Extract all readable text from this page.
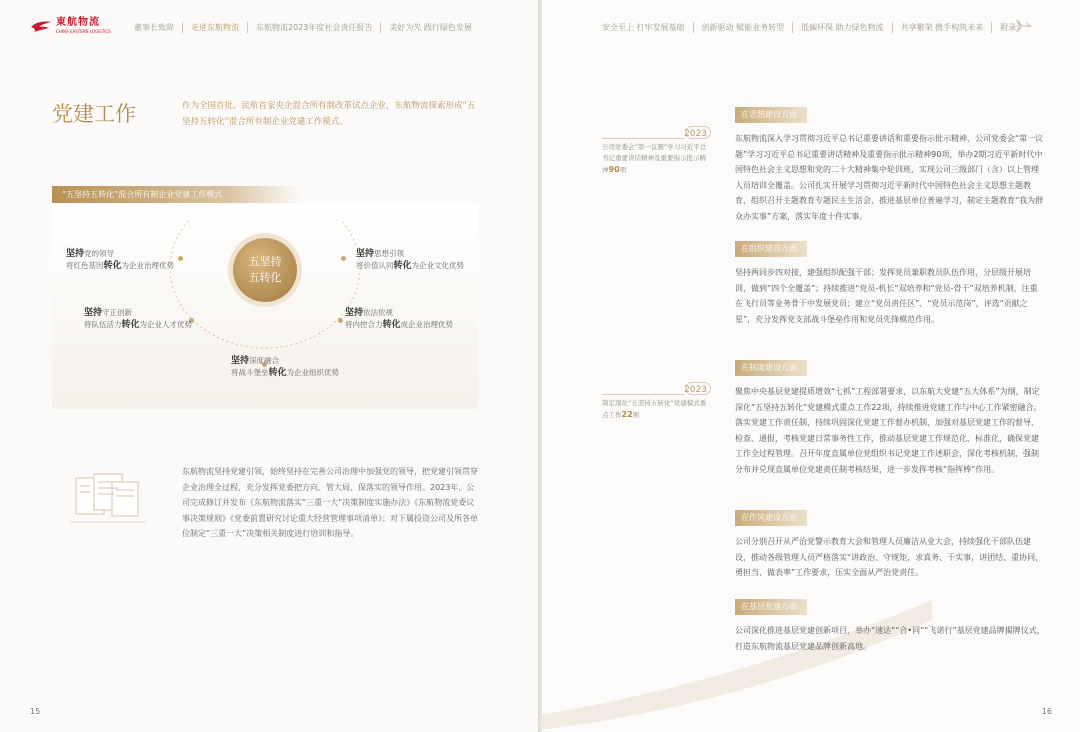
東航物流
CHINA EASTERN LOGISTICS	董事长致辞 走进东航物流 东航物流2023年度社会责任报告 美好为先 践行绿色发展
党建工作	作为全国首批、民航首家央企混合所有制改革试点企业，东航物流探索形成“五坚持五转化”混合所有制企业党建工作模式。
“五坚持五转化”混合所有制企业党建工作模式
五坚持
五转化
坚持党的领导
将红色基因转化为企业治理优势
坚持思想引领
将价值认同转化为企业文化优势
坚持守正创新
将队伍活力转化为企业人才优势
坚持依法依规
将内控合力转化成企业治理优势
坚持深度融合
将战斗堡垒转化为企业组织优势
东航物流坚持党建引领，始终坚持在完善公司治理中加强党的领导，把党建引领贯穿企业治理全过程，充分发挥党委把方向、管大局、保落实的领导作用。2023年，公司完成修订并发布《东航物流落实“三重一大”决策制度实施办法》《东航物流党委议事决策规则》《党委前置研究讨论重大经营管理事项清单》；对下属投资公司及所各单位制定“三重一大”决策相关制度进行培训和指导。
15
安全至上 打牢发展基础 创新驱动 赋能业务转型 低碳环保 助力绿色物流 共享繁荣 携手构筑未来 附录
2023
公司党委会“第一议题”学习习近平总书记重要讲话精神及重要指示批示精神90项
2023
制定深化“五坚持五转化”党建模式重点工作22项
在思想建设方面
东航物流深入学习贯彻习近平总书记重要讲话和重要指示批示精神，公司党委会“第一议题”学习习近平总书记重要讲话精神及重要指示批示精神90项，举办2期习近平新时代中国特色社会主义思想和党的二十大精神集中轮训班，实现公司三级部门（含）以上管理人员培训全覆盖。公司扎实开展学习贯彻习近平新时代中国特色社会主义思想主题教育，组织召开主题教育专题民主生活会，推进基层单位普遍学习，制定主题教育“我为群众办实事”方案，落实年度十件实事。
在组织建设方面
坚持两同步四对接，建强组织配强干部；发挥党员兼职教员队伍作用，分层级开展培训，做到“四个全覆盖”；持续推进“党员-机长”双培养和“党员-骨干”双培养机制，注重在飞行员等业务骨干中发展党员；建立“党员责任区”、“党员示范岗”，评选“贡献之星”，充分发挥党支部战斗堡垒作用和党员先锋模范作用。
在制度建设方面
聚焦中央基层党建提质增效“七抓”工程部署要求，以东航大党建“五大体系”为纲，制定深化“五坚持五转化”党建模式重点工作22项，持续推进党建工作与中心工作紧密融合。落实党建工作责任制，持续巩固深化党建工作督办机制，加强对基层党建工作的督导、检查、通报，考核党建日常事务性工作，推动基层党建工作规范化、标准化，确保党建工作全过程管理。召开年度直属单位党组织书记党建工作述职会，深化考核机制，强制分布并兑现直属单位党建责任制考核结果，进一步发挥考核“指挥棒”作用。
在作风建设方面
公司分别召开从严治党警示教育大会和管理人员廉洁从业大会，持续强化干部队伍建设，推动各级管理人员严格落实“讲政治、守规矩，求真务、干实事，讲团结、重协同，勇担当、做表率”工作要求，压实全面从严治党责任。
在基层党建方面
公司深化推进基层党建创新项目，举办“速达”“合•同”“飞诺行”基层党建品牌揭牌仪式，打造东航物流基层党建品牌创新高地。
16
